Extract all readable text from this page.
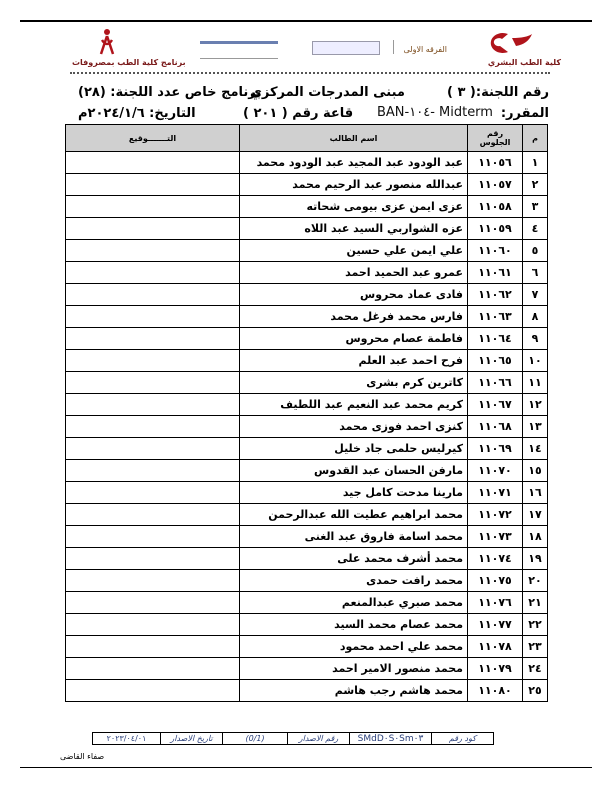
كلية الطب البشري
الفرقه الاولى
برنامج كلية الطب بمصروفات
رقم اللجنة:( ٣ )
مبنى المدرجات المركزي
برنامج خاص عدد اللجنة: (٢٨)
المقرر:
BAN-١٠٤- Midterm
قاعة رقم ( ٢٠١ )
التاريخ: ٢٠٢٤/١/٦م
م	رقم الجلوس	اسم الطالب	التـــــــوقيع
١	١١٠٥٦	عبد الودود عبد المجيد عبد الودود محمد	
٢	١١٠٥٧	عبدالله منصور عبد الرحيم محمد	
٣	١١٠٥٨	عزى ايمن عزى بيومى شحاته	
٤	١١٠٥٩	عزه الشواربي السيد عبد اللاه	
٥	١١٠٦٠	علي ايمن علي حسين	
٦	١١٠٦١	عمرو عبد الحميد احمد	
٧	١١٠٦٢	فادى عماد محروس	
٨	١١٠٦٣	فارس محمد فرغل محمد	
٩	١١٠٦٤	فاطمة عصام محروس	
١٠	١١٠٦٥	فرح احمد عبد العلم	
١١	١١٠٦٦	كاترين كرم بشرى	
١٢	١١٠٦٧	كريم محمد عبد النعيم عبد اللطيف	
١٣	١١٠٦٨	كنزى احمد فوزى محمد	
١٤	١١٠٦٩	كيرليس حلمى جاد خليل	
١٥	١١٠٧٠	مارفن الحسان عبد القدوس	
١٦	١١٠٧١	مارينا مدحت كامل جيد	
١٧	١١٠٧٢	محمد ابراهيم عطيت الله عبدالرحمن	
١٨	١١٠٧٣	محمد اسامة فاروق عبد الغنى	
١٩	١١٠٧٤	محمد أشرف محمد على	
٢٠	١١٠٧٥	محمد رافت حمدى	
٢١	١١٠٧٦	محمد صبري عبدالمنعم	
٢٢	١١٠٧٧	محمد عصام محمد السيد	
٢٣	١١٠٧٨	محمد علي احمد محمود	
٢٤	١١٠٧٩	محمد منصور الامير احمد	
٢٥	١١٠٨٠	محمد هاشم رجب هاشم	
كود رقم	SMdD٠S٠Sm٠٣	رقم الاصدار	(0/1)	تاريخ الاصدار	٢٠٢٣/٠٤/٠١
صفاء القاضى
